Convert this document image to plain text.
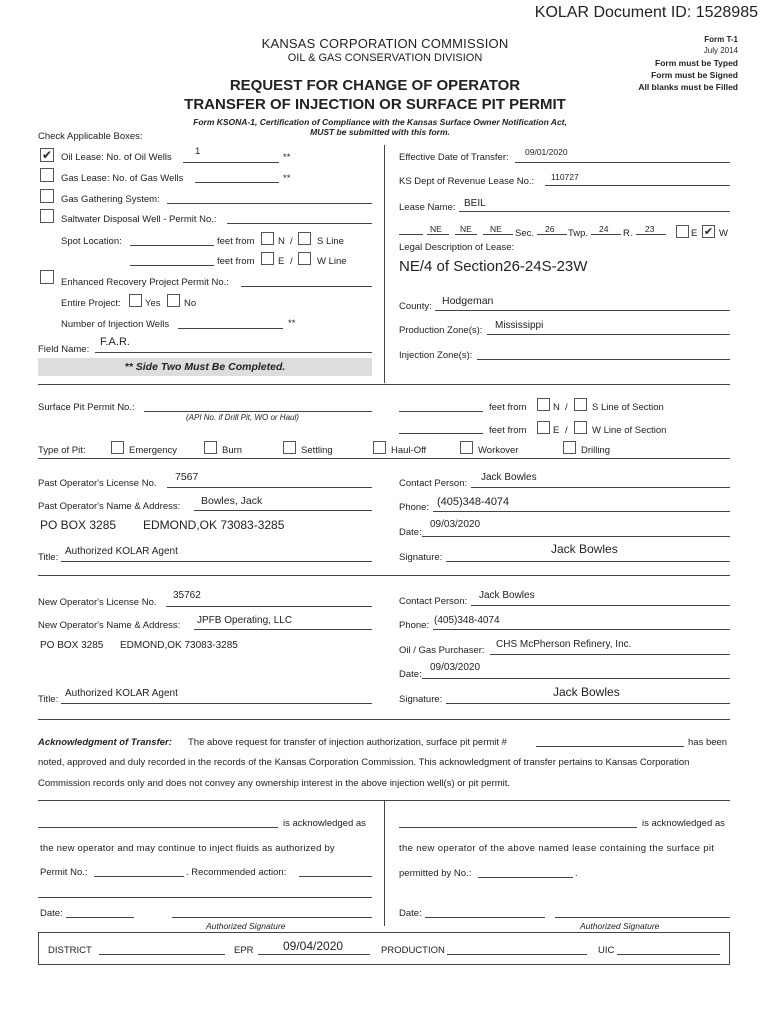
KOLAR Document ID: 1528985
KANSAS CORPORATION COMMISSION
OIL & GAS CONSERVATION DIVISION
Form T-1
July 2014
Form must be Typed
Form must be Signed
All blanks must be Filled
REQUEST FOR CHANGE OF OPERATOR
TRANSFER OF INJECTION OR SURFACE PIT PERMIT
Form KSONA-1, Certification of Compliance with the Kansas Surface Owner Notification Act,
MUST be submitted with this form.
Check Applicable Boxes:
✔ Oil Lease: No. of Oil Wells
1
**
Gas Lease: No. of Gas Wells	**
Gas Gathering System:
Saltwater Disposal Well - Permit No.:
Spot Location:	feet from N /	S Line
feet from E /	W Line
Enhanced Recovery Project Permit No.:
Entire Project:	Yes No
Number of Injection Wells	**
Field Name:
F.A.R.
** Side Two Must Be Completed.
Effective Date of Transfer: 09/01/2020
KS Dept of Revenue Lease No.: 110727
Lease Name: BEIL
NE NE NE Sec. 26 Twp. 24 R. 23	E ✔ W
Legal Description of Lease:
NE/4 of Section26-24S-23W
County: Hodgeman
Production Zone(s): Mississippi
Injection Zone(s):
Surface Pit Permit No.:
(API No. if Drill Pit, WO or Haul)
feet from	N /	S Line of Section
feet from	E /	W Line of Section
Type of Pit:	Emergency	Burn	Settling	Haul-Off	Workover	Drilling
Past Operator's License No.
7567
Past Operator's Name & Address: Bowles, Jack
PO BOX 3285 EDMOND,OK 73083-3285
Title:
Authorized KOLAR Agent
Contact Person:
Jack Bowles
Phone: (405)348-4074
Date:
09/03/2020
Signature:
Jack Bowles
New Operator's License No.
35762
New Operator's Name & Address: JPFB Operating, LLC
PO BOX 3285 EDMOND,OK 73083-3285
Title:
Authorized KOLAR Agent
Contact Person:
Jack Bowles
Phone: (405)348-4074
Oil / Gas Purchaser:
CHS McPherson Refinery, Inc.
Date:
09/03/2020
Signature:
Jack Bowles
Acknowledgment of Transfer: The above request for transfer of injection authorization, surface pit permit #	has been
noted, approved and duly recorded in the records of the Kansas Corporation Commission. This acknowledgment of transfer pertains to Kansas Corporation
Commission records only and does not convey any ownership interest in the above injection well(s) or pit permit.
is acknowledged as
the new operator and may continue to inject fluids as authorized by
Permit No.:	. Recommended action:
Date:
Authorized Signature
is acknowledged as
the new operator of the above named lease containing the surface pit
permitted by No.:	.
Date:
Authorized Signature
DISTRICT	EPR 09/04/2020	PRODUCTION	UIC
